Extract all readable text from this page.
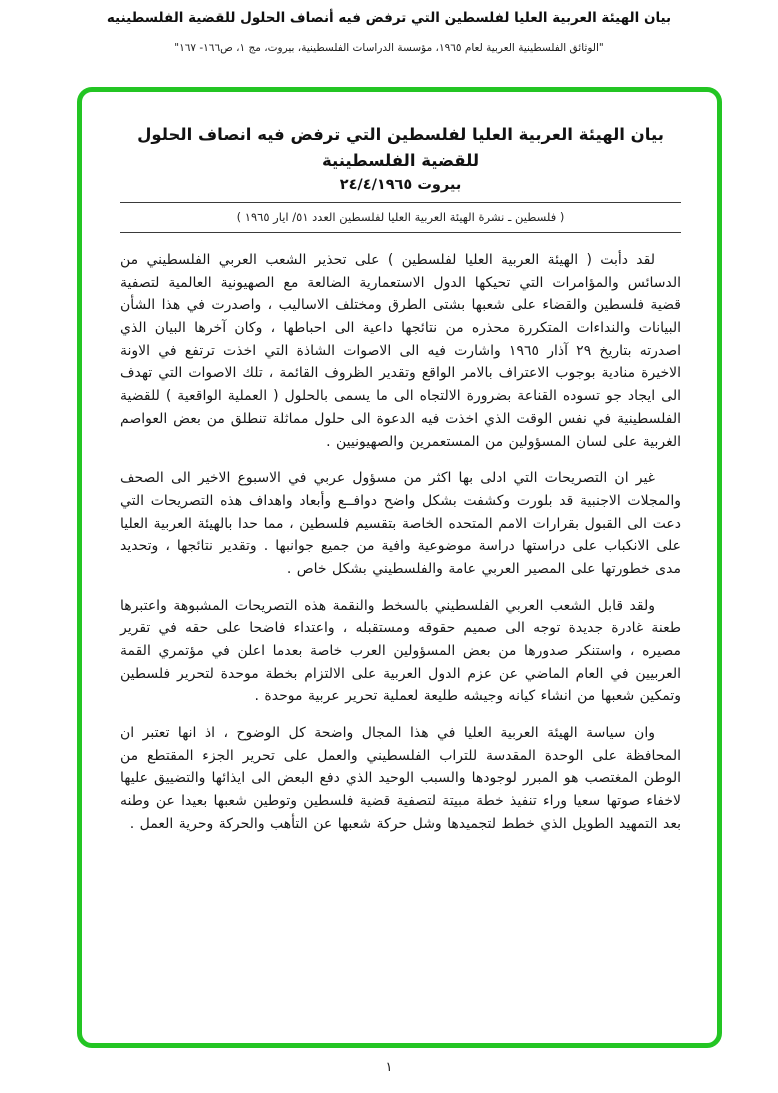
بيان الهيئة العربية العليا لفلسطين التي ترفض فيه أنصاف الحلول للقضية الفلسطينيه
"الوثائق الفلسطينية العربية لعام ١٩٦٥، مؤسسة الدراسات الفلسطينية، بيروت، مج ١، ص١٦٦- ١٦٧"
بيان الهيئة العربية العليا لفلسطين التي ترفض فيه انصاف الحلول للقضية الفلسطينية
بيروت ٢٤/٤/١٩٦٥
( فلسطين ـ نشرة الهيئة العربية العليا لفلسطين العدد ٥١/ ايار ١٩٦٥ )

لقد دأبت ( الهيئة العربية العليا لفلسطين ) على تحذير الشعب العربي الفلسطيني من الدسائس والمؤامرات التي تحيكها الدول الاستعمارية الضالعة مع الصهيونية العالمية لتصفية قضية فلسطين والقضاء على شعبها بشتى الطرق ومختلف الاساليب ، واصدرت في هذا الشأن البيانات والنداءات المتكررة محذره من نتائجها داعية الى احباطها ، وكان آخرها البيان الذي اصدرته بتاريخ ٢٩ آذار ١٩٦٥ واشارت فيه الى الاصوات الشاذة التي اخذت ترتفع في الاونة الاخيرة منادية بوجوب الاعتراف بالامر الواقع وتقدير الظروف القائمة ، تلك الاصوات التي تهدف الى ايجاد جو تسوده القناعة بضرورة الالتجاه الى ما يسمى بالحلول ( العملية الواقعية ) للقضية الفلسطينية في نفس الوقت الذي اخذت فيه الدعوة الى حلول مماثلة تنطلق من بعض العواصم الغربية على لسان المسؤولين من المستعمرين والصهيونيين .

غير ان التصريحات التي ادلى بها اكثر من مسؤول عربي في الاسبوع الاخير الى الصحف والمجلات الاجنبية قد بلورت وكشفت بشكل واضح دوافــع وأبعاد واهداف هذه التصريحات التي دعت الى القبول بقرارات الامم المتحده الخاصة بتقسيم فلسطين ، مما حدا بالهيئة العربية العليا على الانكباب على دراستها دراسة موضوعية وافية من جميع جوانبها . وتقدير نتائجها ، وتحديد مدى خطورتها على المصير العربي عامة والفلسطيني بشكل خاص .

ولقد قابل الشعب العربي الفلسطيني بالسخط والنقمة هذه التصريحات المشبوهة واعتبرها طعنة غادرة جديدة توجه الى صميم حقوقه ومستقبله ، واعتداء فاضحا على حقه في تقرير مصيره ، واستنكر صدورها من بعض المسؤولين العرب خاصة بعدما اعلن في مؤتمري القمة العربيين في العام الماضي عن عزم الدول العربية على الالتزام بخطة موحدة لتحرير فلسطين وتمكين شعبها من انشاء كيانه وجيشه طليعة لعملية تحرير عربية موحدة .

وان سياسة الهيئة العربية العليا في هذا المجال واضحة كل الوضوح ، اذ انها تعتبر ان المحافظة على الوحدة المقدسة للتراب الفلسطيني والعمل على تحرير الجزء المقتطع من الوطن المغتصب هو المبرر لوجودها والسبب الوحيد الذي دفع البعض الى ايذائها والتضييق عليها لاخفاء صوتها سعيا وراء تنفيذ خطة مبيتة لتصفية قضية فلسطين وتوطين شعبها بعيدا عن وطنه بعد التمهيد الطويل الذي خطط لتجميدها وشل حركة شعبها عن التأهب والحركة وحرية العمل .

١
